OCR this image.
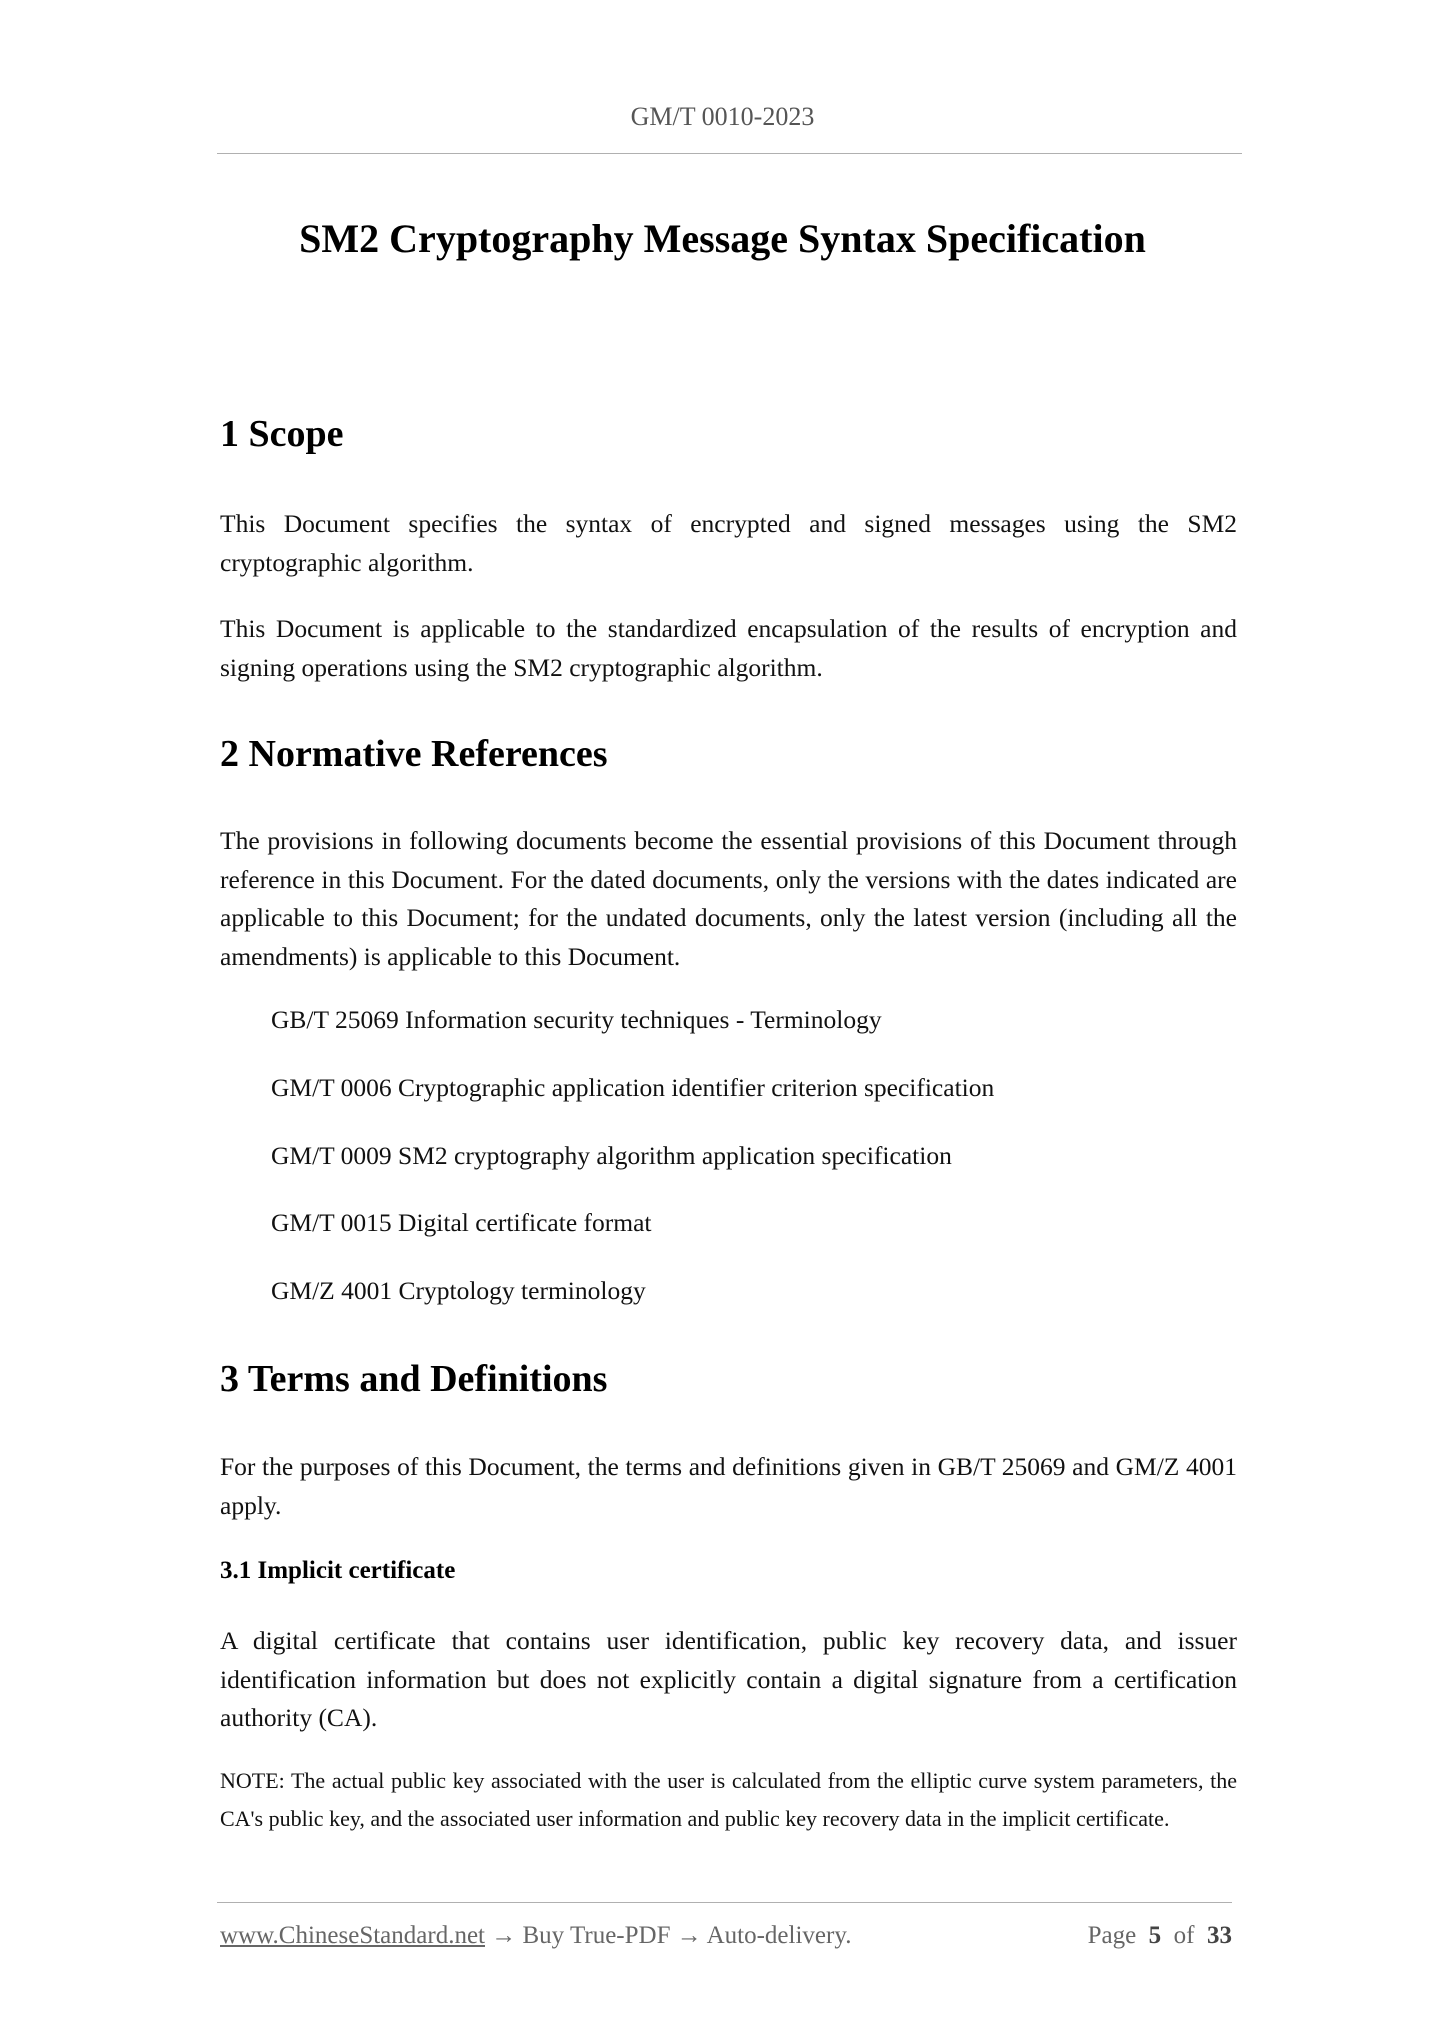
GM/T 0010-2023
SM2 Cryptography Message Syntax Specification
1 Scope
This Document specifies the syntax of encrypted and signed messages using the SM2 cryptographic algorithm.
This Document is applicable to the standardized encapsulation of the results of encryption and signing operations using the SM2 cryptographic algorithm.
2 Normative References
The provisions in following documents become the essential provisions of this Document through reference in this Document. For the dated documents, only the versions with the dates indicated are applicable to this Document; for the undated documents, only the latest version (including all the amendments) is applicable to this Document.
GB/T 25069 Information security techniques - Terminology
GM/T 0006 Cryptographic application identifier criterion specification
GM/T 0009 SM2 cryptography algorithm application specification
GM/T 0015 Digital certificate format
GM/Z 4001 Cryptology terminology
3 Terms and Definitions
For the purposes of this Document, the terms and definitions given in GB/T 25069 and GM/Z 4001 apply.
3.1 Implicit certificate
A digital certificate that contains user identification, public key recovery data, and issuer identification information but does not explicitly contain a digital signature from a certification authority (CA).
NOTE: The actual public key associated with the user is calculated from the elliptic curve system parameters, the CA's public key, and the associated user information and public key recovery data in the implicit certificate.
www.ChineseStandard.net → Buy True-PDF → Auto-delivery.	Page 5 of 33
